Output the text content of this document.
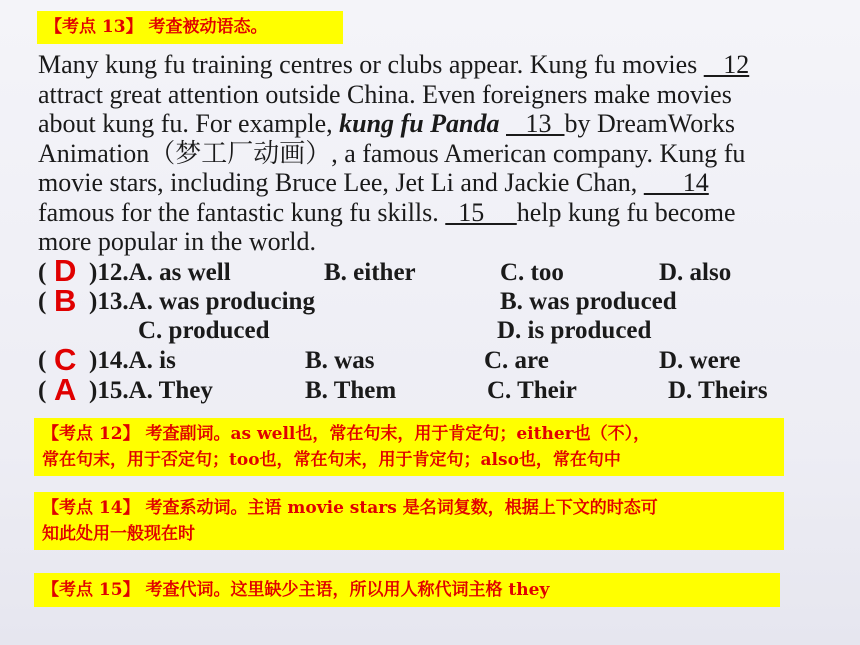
【考点 13】 考查被动语态。
Many kung fu training centres or clubs appear. Kung fu movies    12
attract great attention outside China. Even foreigners make movies
about kung fu. For example, kung fu Panda    13  by DreamWorks
Animation（梦工厂动画）, a famous American company. Kung fu
movie stars, including Bruce Lee, Jet Li and Jackie Chan,       14
famous for the fantastic kung fu skills.   15     help kung fu become
more popular in the world.
( D )12.A. as well	B. either	C. too	D. also
( B )13.A. was producing	B. was produced
C. produced	D. is produced
( C )14.A. is	B. was	C. are	D. were
( A )15.A. They	B. Them	C. Their	D. Theirs
【考点 12】 考查副词。as well也，常在句末，用于肯定句；either也（不），
常在句末，用于否定句；too也，常在句末，用于肯定句；also也，常在句中
【考点 14】 考查系动词。主语 movie stars 是名词复数，根据上下文的时态可
知此处用一般现在时
【考点 15】 考查代词。这里缺少主语，所以用人称代词主格 they
